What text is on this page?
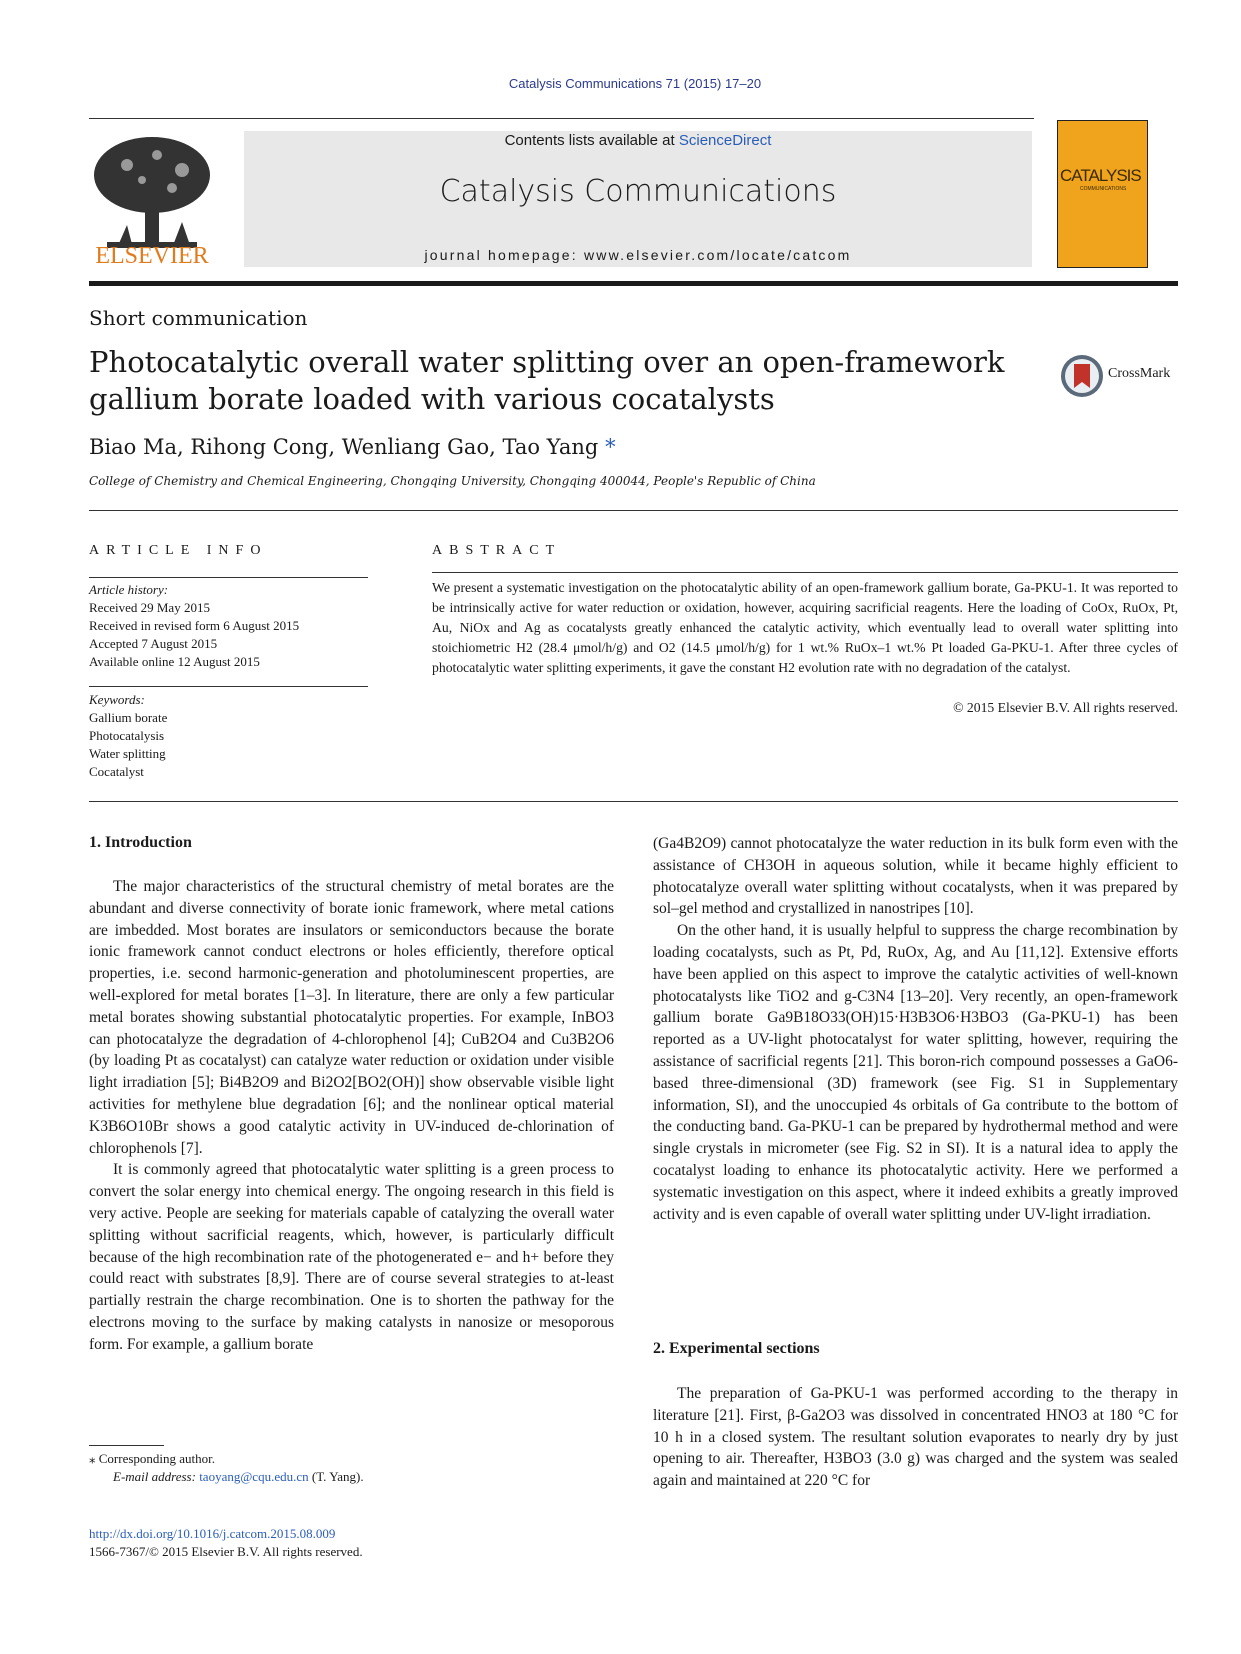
Catalysis Communications 71 (2015) 17–20
ELSEVIER
Contents lists available at ScienceDirect
Catalysis Communications
journal homepage: www.elsevier.com/locate/catcom
CATALYSIS
COMMUNICATIONS
Short communication
Photocatalytic overall water splitting over an open-framework gallium borate loaded with various cocatalysts
CrossMark
Biao Ma, Rihong Cong, Wenliang Gao, Tao Yang *
College of Chemistry and Chemical Engineering, Chongqing University, Chongqing 400044, People's Republic of China
ARTICLE INFO
Article history:
Received 29 May 2015
Received in revised form 6 August 2015
Accepted 7 August 2015
Available online 12 August 2015
Keywords:
Gallium borate
Photocatalysis
Water splitting
Cocatalyst
ABSTRACT
We present a systematic investigation on the photocatalytic ability of an open-framework gallium borate, Ga-PKU-1. It was reported to be intrinsically active for water reduction or oxidation, however, acquiring sacrificial reagents. Here the loading of CoOx, RuOx, Pt, Au, NiOx and Ag as cocatalysts greatly enhanced the catalytic activity, which eventually lead to overall water splitting into stoichiometric H2 (28.4 μmol/h/g) and O2 (14.5 μmol/h/g) for 1 wt.% RuOx–1 wt.% Pt loaded Ga-PKU-1. After three cycles of photocatalytic water splitting experiments, it gave the constant H2 evolution rate with no degradation of the catalyst.
© 2015 Elsevier B.V. All rights reserved.
1. Introduction

The major characteristics of the structural chemistry of metal borates are the abundant and diverse connectivity of borate ionic framework, where metal cations are imbedded. Most borates are insulators or semiconductors because the borate ionic framework cannot conduct electrons or holes efficiently, therefore optical properties, i.e. second harmonic-generation and photoluminescent properties, are well-explored for metal borates [1–3]. In literature, there are only a few particular metal borates showing substantial photocatalytic properties. For example, InBO3 can photocatalyze the degradation of 4-chlorophenol [4]; CuB2O4 and Cu3B2O6 (by loading Pt as cocatalyst) can catalyze water reduction or oxidation under visible light irradiation [5]; Bi4B2O9 and Bi2O2[BO2(OH)] show observable visible light activities for methylene blue degradation [6]; and the nonlinear optical material K3B6O10Br shows a good catalytic activity in UV-induced de-chlorination of chlorophenols [7].

It is commonly agreed that photocatalytic water splitting is a green process to convert the solar energy into chemical energy. The ongoing research in this field is very active. People are seeking for materials capable of catalyzing the overall water splitting without sacrificial reagents, which, however, is particularly difficult because of the high recombination rate of the photogenerated e− and h+ before they could react with substrates [8,9]. There are of course several strategies to at-least partially restrain the charge recombination. One is to shorten the pathway for the electrons moving to the surface by making catalysts in nanosize or mesoporous form. For example, a gallium borate

(Ga4B2O9) cannot photocatalyze the water reduction in its bulk form even with the assistance of CH3OH in aqueous solution, while it became highly efficient to photocatalyze overall water splitting without cocatalysts, when it was prepared by sol–gel method and crystallized in nanostripes [10].

On the other hand, it is usually helpful to suppress the charge recombination by loading cocatalysts, such as Pt, Pd, RuOx, Ag, and Au [11,12]. Extensive efforts have been applied on this aspect to improve the catalytic activities of well-known photocatalysts like TiO2 and g-C3N4 [13–20]. Very recently, an open-framework gallium borate Ga9B18O33(OH)15·H3B3O6·H3BO3 (Ga-PKU-1) has been reported as a UV-light photocatalyst for water splitting, however, requiring the assistance of sacrificial regents [21]. This boron-rich compound possesses a GaO6-based three-dimensional (3D) framework (see Fig. S1 in Supplementary information, SI), and the unoccupied 4s orbitals of Ga contribute to the bottom of the conducting band. Ga-PKU-1 can be prepared by hydrothermal method and were single crystals in micrometer (see Fig. S2 in SI). It is a natural idea to apply the cocatalyst loading to enhance its photocatalytic activity. Here we performed a systematic investigation on this aspect, where it indeed exhibits a greatly improved activity and is even capable of overall water splitting under UV-light irradiation.

2. Experimental sections

The preparation of Ga-PKU-1 was performed according to the therapy in literature [21]. First, β-Ga2O3 was dissolved in concentrated HNO3 at 180 °C for 10 h in a closed system. The resultant solution evaporates to nearly dry by just opening to air. Thereafter, H3BO3 (3.0 g) was charged and the system was sealed again and maintained at 220 °C for

⁎ Corresponding author.
E-mail address: taoyang@cqu.edu.cn (T. Yang).
http://dx.doi.org/10.1016/j.catcom.2015.08.009
1566-7367/© 2015 Elsevier B.V. All rights reserved.
